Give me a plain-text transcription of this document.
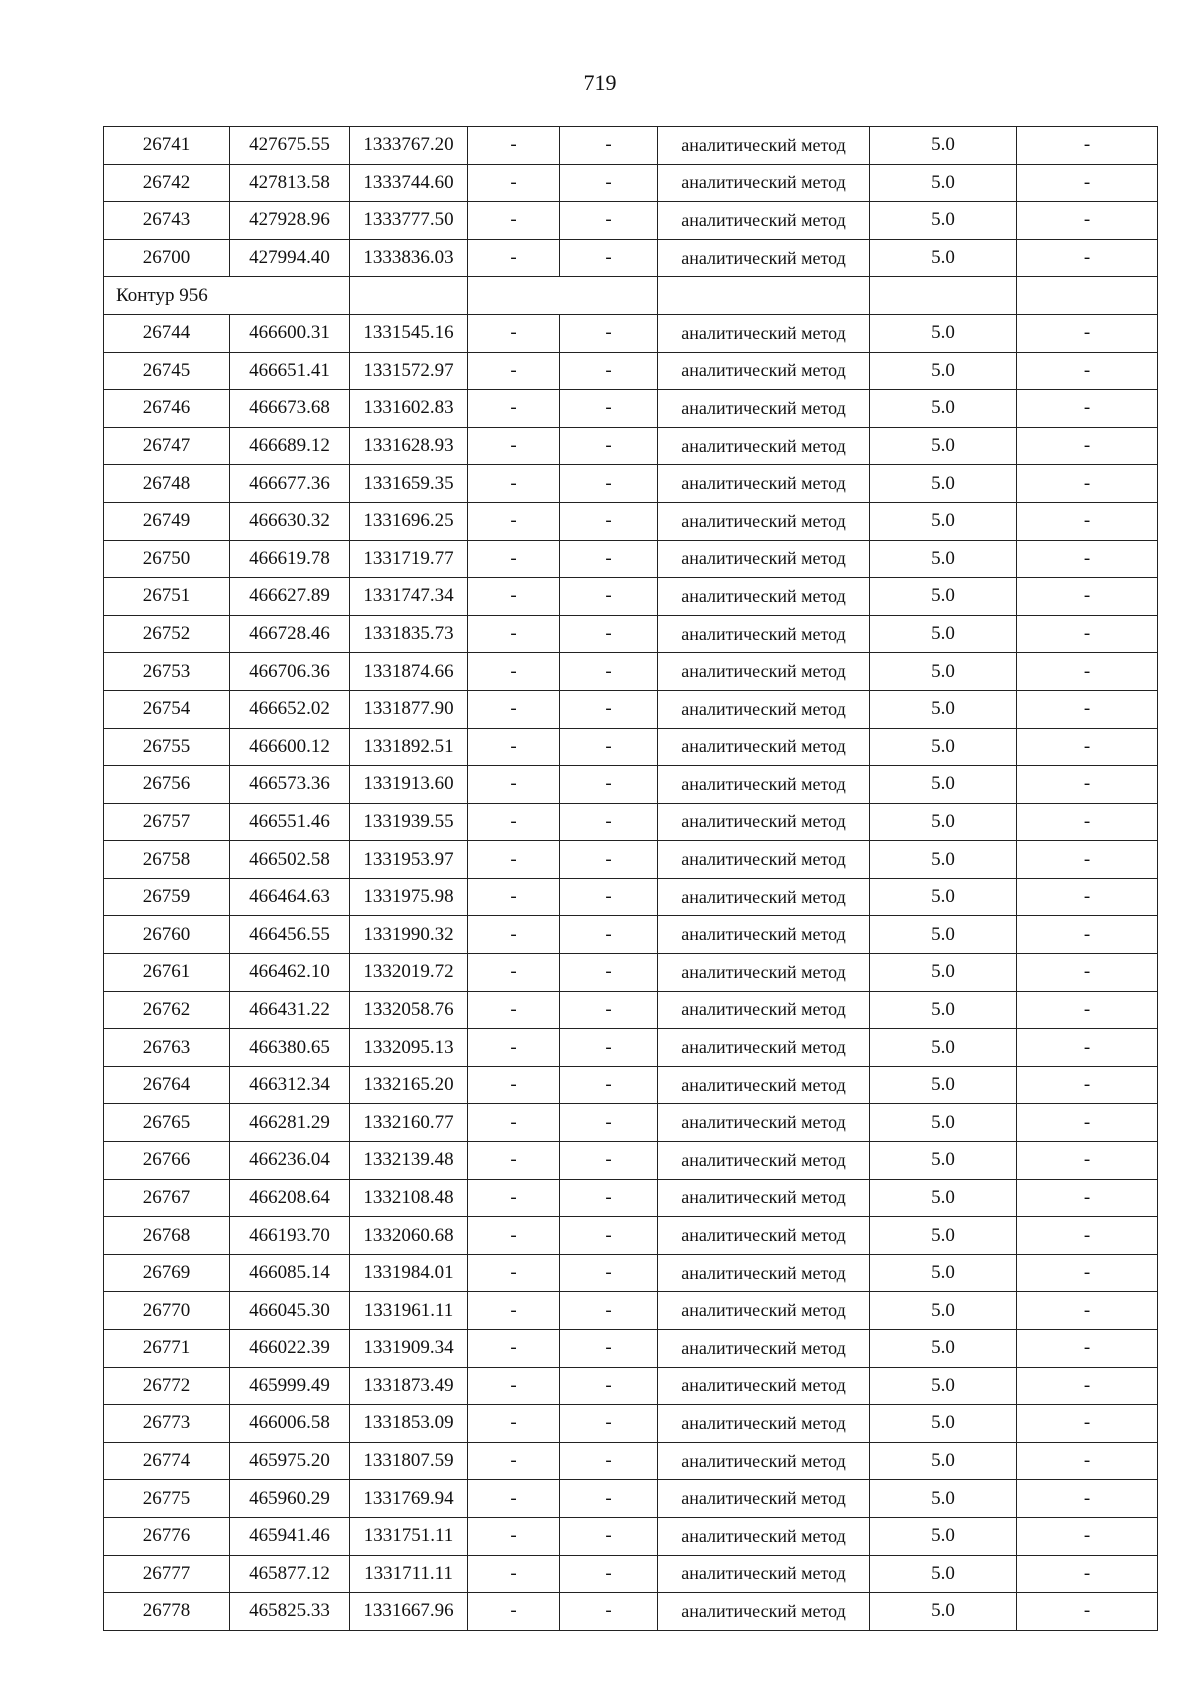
719
26741	427675.55	1333767.20	-	-	аналитический метод	5.0	-
26742	427813.58	1333744.60	-	-	аналитический метод	5.0	-
26743	427928.96	1333777.50	-	-	аналитический метод	5.0	-
26700	427994.40	1333836.03	-	-	аналитический метод	5.0	-
Контур 956							
26744	466600.31	1331545.16	-	-	аналитический метод	5.0	-
26745	466651.41	1331572.97	-	-	аналитический метод	5.0	-
26746	466673.68	1331602.83	-	-	аналитический метод	5.0	-
26747	466689.12	1331628.93	-	-	аналитический метод	5.0	-
26748	466677.36	1331659.35	-	-	аналитический метод	5.0	-
26749	466630.32	1331696.25	-	-	аналитический метод	5.0	-
26750	466619.78	1331719.77	-	-	аналитический метод	5.0	-
26751	466627.89	1331747.34	-	-	аналитический метод	5.0	-
26752	466728.46	1331835.73	-	-	аналитический метод	5.0	-
26753	466706.36	1331874.66	-	-	аналитический метод	5.0	-
26754	466652.02	1331877.90	-	-	аналитический метод	5.0	-
26755	466600.12	1331892.51	-	-	аналитический метод	5.0	-
26756	466573.36	1331913.60	-	-	аналитический метод	5.0	-
26757	466551.46	1331939.55	-	-	аналитический метод	5.0	-
26758	466502.58	1331953.97	-	-	аналитический метод	5.0	-
26759	466464.63	1331975.98	-	-	аналитический метод	5.0	-
26760	466456.55	1331990.32	-	-	аналитический метод	5.0	-
26761	466462.10	1332019.72	-	-	аналитический метод	5.0	-
26762	466431.22	1332058.76	-	-	аналитический метод	5.0	-
26763	466380.65	1332095.13	-	-	аналитический метод	5.0	-
26764	466312.34	1332165.20	-	-	аналитический метод	5.0	-
26765	466281.29	1332160.77	-	-	аналитический метод	5.0	-
26766	466236.04	1332139.48	-	-	аналитический метод	5.0	-
26767	466208.64	1332108.48	-	-	аналитический метод	5.0	-
26768	466193.70	1332060.68	-	-	аналитический метод	5.0	-
26769	466085.14	1331984.01	-	-	аналитический метод	5.0	-
26770	466045.30	1331961.11	-	-	аналитический метод	5.0	-
26771	466022.39	1331909.34	-	-	аналитический метод	5.0	-
26772	465999.49	1331873.49	-	-	аналитический метод	5.0	-
26773	466006.58	1331853.09	-	-	аналитический метод	5.0	-
26774	465975.20	1331807.59	-	-	аналитический метод	5.0	-
26775	465960.29	1331769.94	-	-	аналитический метод	5.0	-
26776	465941.46	1331751.11	-	-	аналитический метод	5.0	-
26777	465877.12	1331711.11	-	-	аналитический метод	5.0	-
26778	465825.33	1331667.96	-	-	аналитический метод	5.0	-
